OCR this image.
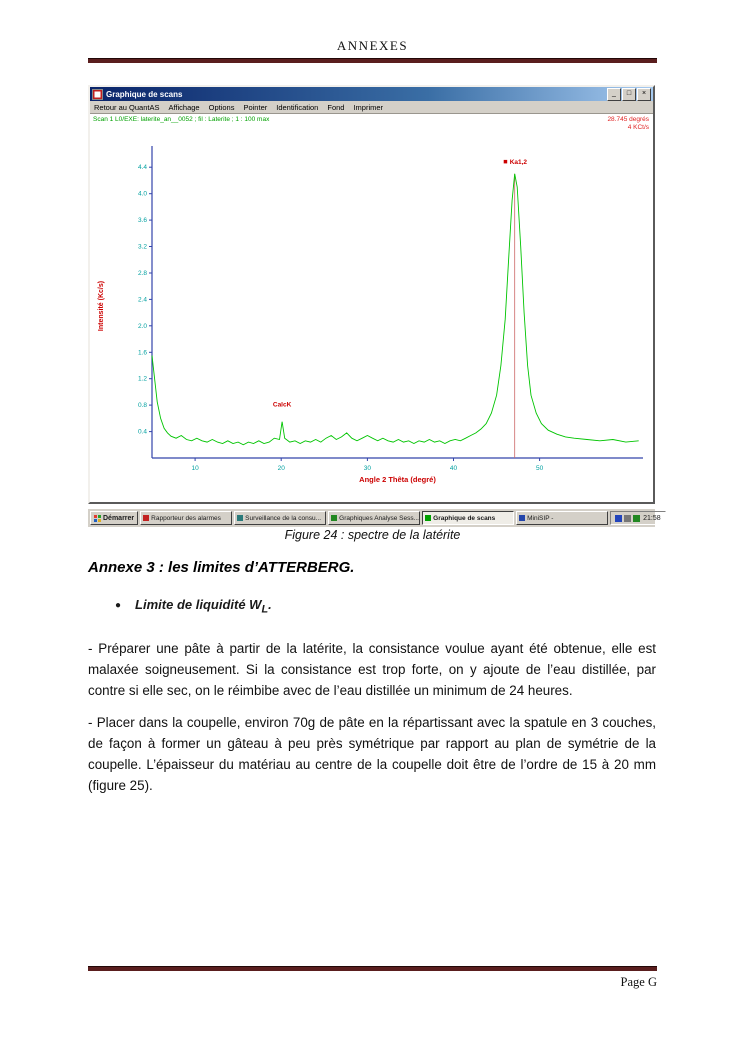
ANNEXES
Graphique de scans	_	□	×
Retour au QuantAS Affichage Options Pointer Identification Fond Imprimer
Scan 1 L0/EXE: laterite_an__0052 ; fil : Laterite ; 1 : 100 max	28.745 degrés
4 KCt/s
0.4
0.8
1.2
1.6
2.0
2.4
2.8
3.2
3.6
4.0
4.4
10	20	30	40	50
CalcK
Ka1,2
Angle 2 Thêta (degré)
Intensité (Kc/s)
Démarrer	Rapporteur des alarmes	Surveillance de la consu...	Graphiques Analyse Sess... Graphique de scans	MiniSIP -	21:58
Figure 24 : spectre de la latérite
Annexe 3 : les limites d’ATTERBERG.
● Limite de liquidité $W_L$.
- Préparer une pâte à partir de la latérite, la consistance voulue ayant été obtenue, elle est malaxée soigneusement. Si la consistance est trop forte, on y ajoute de l’eau distillée, par contre si elle sec, on le réimbibe avec de l’eau distillée un minimum de 24 heures.
- Placer dans la coupelle, environ 70g de pâte en la répartissant avec la spatule en 3 couches, de façon à former un gâteau à peu près symétrique par rapport au plan de symétrie de la coupelle. L’épaisseur du matériau au centre de la coupelle doit être de l’ordre de 15 à 20 mm (figure 25).
Page G
